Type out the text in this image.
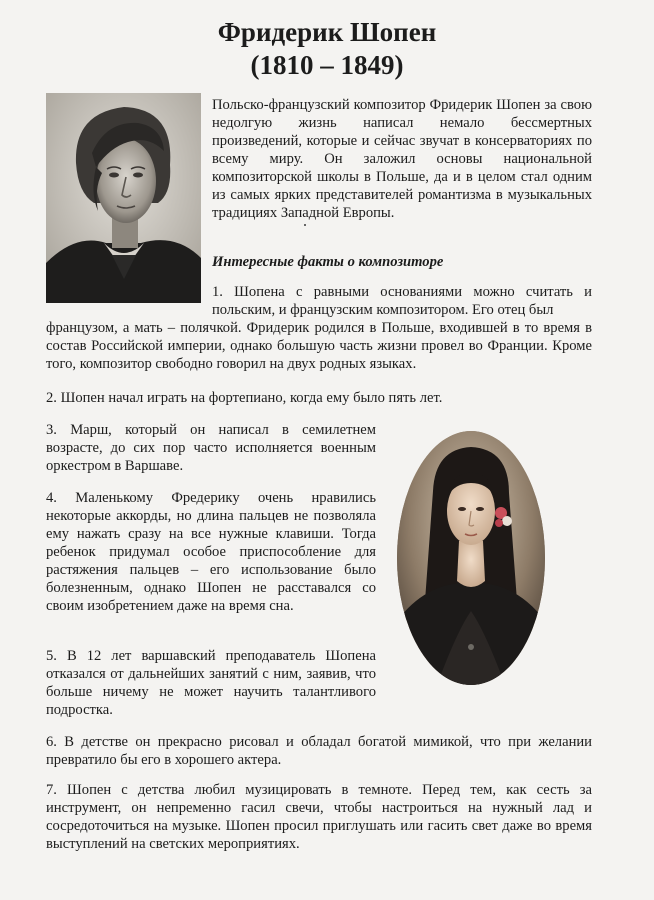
Фридерик Шопен
(1810 – 1849)

Польско-французский композитор Фридерик Шопен за свою недолгую жизнь написал немало бессмертных произведений, которые и сейчас звучат в консерваториях по всему миру. Он заложил основы национальной композиторской школы в Польше, да и в целом стал одним из самых ярких представителей романтизма в музыкальных традициях Западной Европы.

Интересные факты о композиторе

1. Шопена с равными основаниями можно считать и польским, и французским композитором. Его отец был

французом, а мать – полячкой. Фридерик родился в Польше, входившей в то время в состав Российской империи, однако большую часть жизни провел во Франции. Кроме того, композитор свободно говорил на двух родных языках.

2. Шопен начал играть на фортепиано, когда ему было пять лет.

3. Марш, который он написал в семилетнем возрасте, до сих пор часто исполняется военным оркестром в Варшаве.

4. Маленькому Фредерику очень нравились некоторые аккорды, но длина пальцев не позволяла ему нажать сразу на все нужные клавиши. Тогда ребенок придумал особое приспособление для растяжения пальцев – его использование было болезненным, однако Шопен не расставался со своим изобретением даже на время сна.

5. В 12 лет варшавский преподаватель Шопена отказался от дальнейших занятий с ним, заявив, что больше ничему не может научить талантливого подростка.

6. В детстве он прекрасно рисовал и обладал богатой мимикой, что при желании превратило бы его в хорошего актера.

7. Шопен с детства любил музицировать в темноте. Перед тем, как сесть за инструмент, он непременно гасил свечи, чтобы настроиться на нужный лад и сосредоточиться на музыке. Шопен просил приглушать или гасить свет даже во время выступлений на светских мероприятиях.
